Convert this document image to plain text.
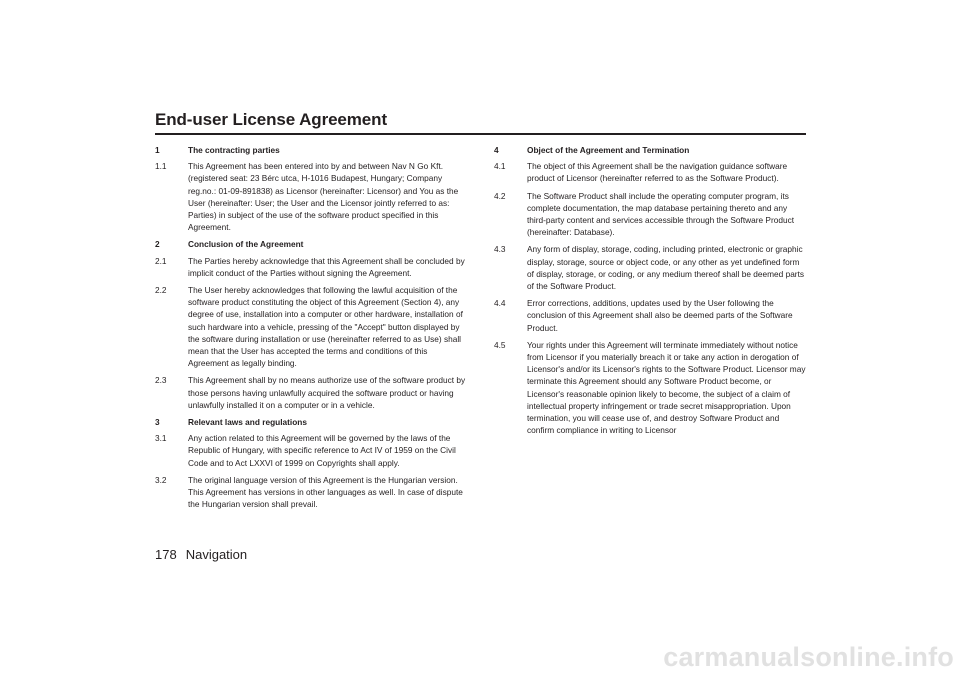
End-user License Agreement
1	The contracting parties
1.1	This Agreement has been entered into by and between Nav N Go Kft. (registered seat: 23 Bérc utca, H-1016 Budapest, Hungary; Company reg.no.: 01-09-891838) as Licensor (hereinafter: Licensor) and You as the User (hereinafter: User; the User and the Licensor jointly referred to as: Parties) in subject of the use of the software product specified in this Agreement.
2	Conclusion of the Agreement
2.1	The Parties hereby acknowledge that this Agreement shall be concluded by implicit conduct of the Parties without signing the Agreement.
2.2	The User hereby acknowledges that following the lawful acquisition of the software product constituting the object of this Agreement (Section 4), any degree of use, installation into a computer or other hardware, installation of such hardware into a vehicle, pressing of the "Accept" button displayed by the software during installation or use (hereinafter referred to as Use) shall mean that the User has accepted the terms and conditions of this Agreement as legally binding.
2.3	This Agreement shall by no means authorize use of the software product by those persons having unlawfully acquired the software product or having unlawfully installed it on a computer or in a vehicle.
3	Relevant laws and regulations
3.1	Any action related to this Agreement will be governed by the laws of the Republic of Hungary, with specific reference to Act IV of 1959 on the Civil Code and to Act LXXVI of 1999 on Copyrights shall apply.
3.2	The original language version of this Agreement is the Hungarian version. This Agreement has versions in other languages as well. In case of dispute the Hungarian version shall prevail.
4	Object of the Agreement and Termination
4.1	The object of this Agreement shall be the navigation guidance software product of Licensor (hereinafter referred to as the Software Product).
4.2	The Software Product shall include the operating computer program, its complete documentation, the map database pertaining thereto and any third-party content and services accessible through the Software Product (hereinafter: Database).
4.3	Any form of display, storage, coding, including printed, electronic or graphic display, storage, source or object code, or any other as yet undefined form of display, storage, or coding, or any medium thereof shall be deemed parts of the Software Product.
4.4	Error corrections, additions, updates used by the User following the conclusion of this Agreement shall also be deemed parts of the Software Product.
4.5	Your rights under this Agreement will terminate immediately without notice from Licensor if you materially breach it or take any action in derogation of Licensor's and/or its Licensor's rights to the Software Product. Licensor may terminate this Agreement should any Software Product become, or Licensor's reasonable opinion likely to become, the subject of a claim of intellectual property infringement or trade secret misappropriation. Upon termination, you will cease use of, and destroy Software Product and confirm compliance in writing to Licensor
178 Navigation
carmanualsonline.info
